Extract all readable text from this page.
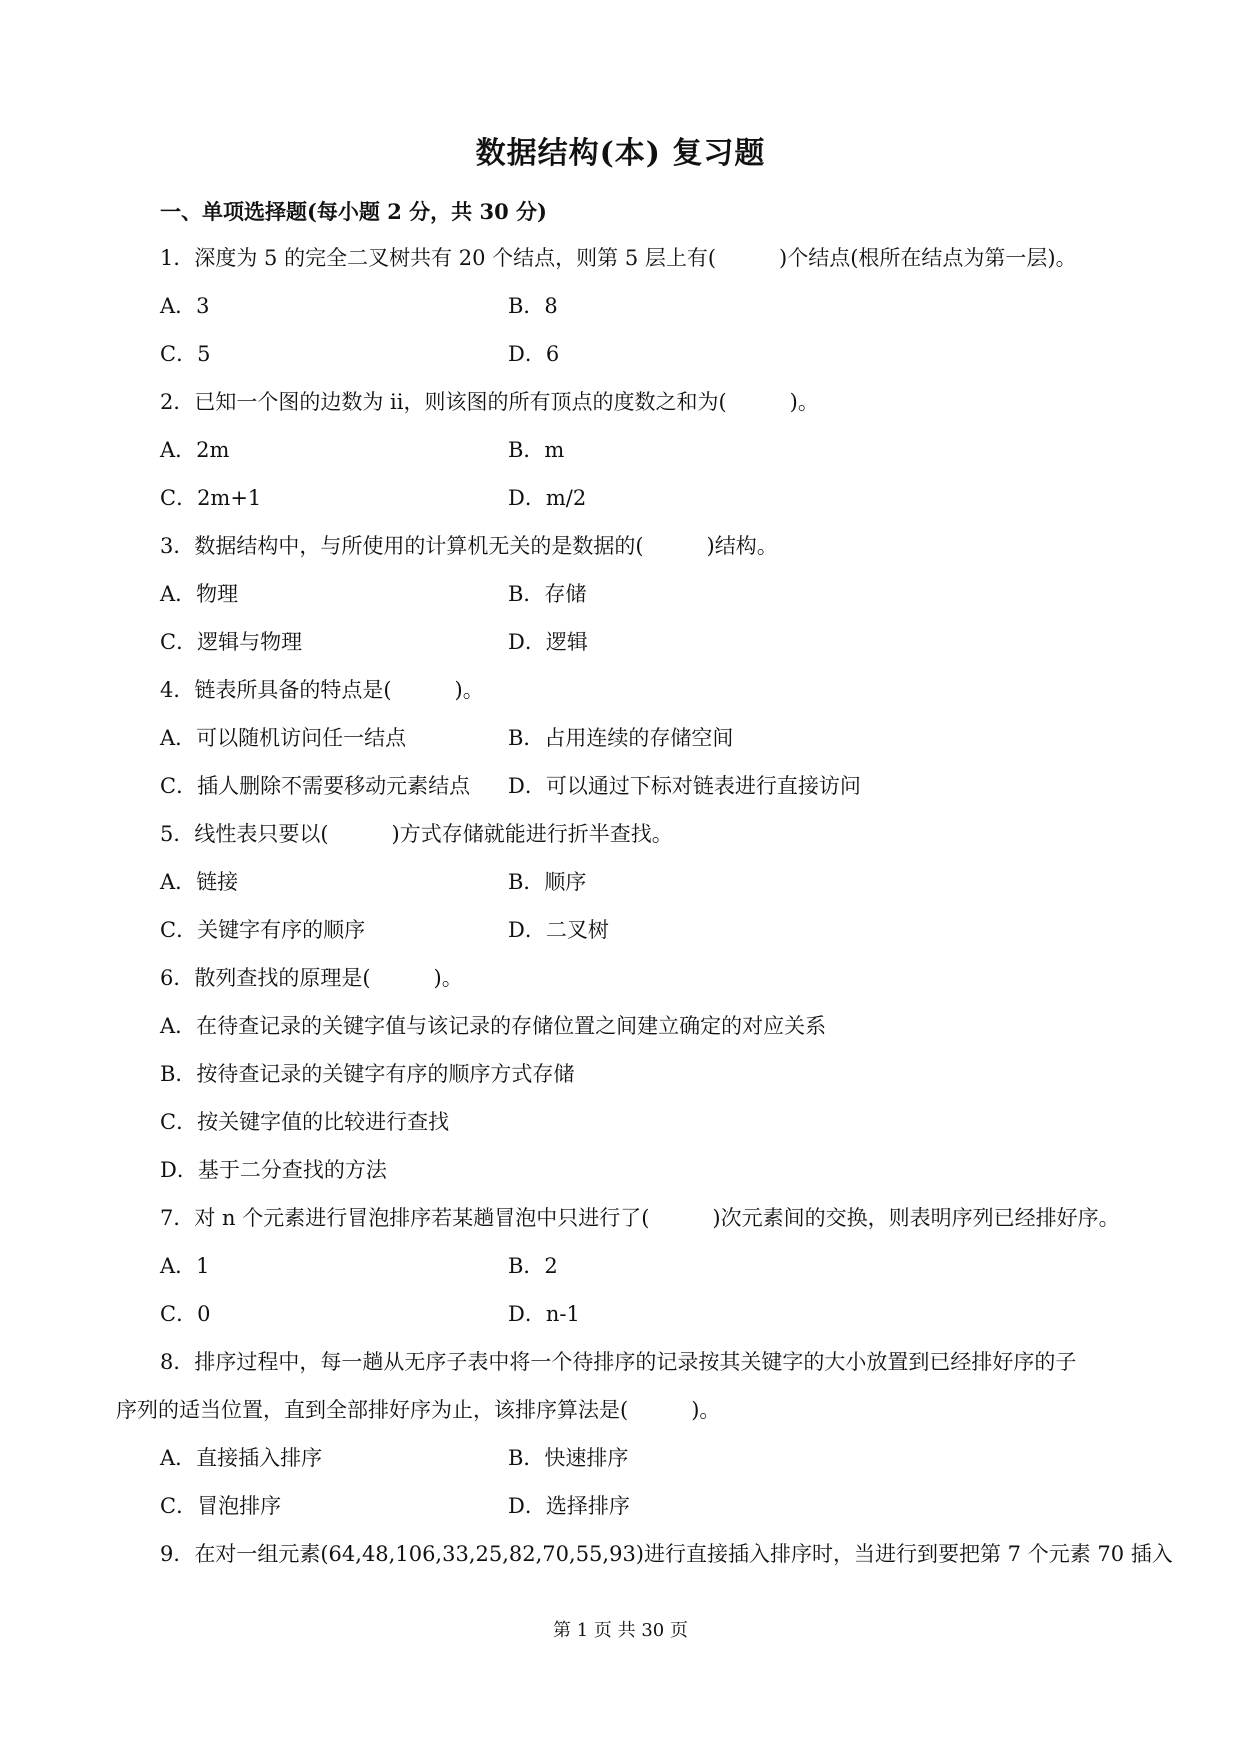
数据结构(本) 复习题
一、单项选择题(每小题 2 分，共 30 分)
1．深度为 5 的完全二叉树共有 20 个结点，则第 5 层上有(　　　)个结点(根所在结点为第一层)。
A．3	B．8
C．5	D．6
2．已知一个图的边数为 ii，则该图的所有顶点的度数之和为(　　　)。
A．2m	B．m
C．2m+1	D．m/2
3．数据结构中，与所使用的计算机无关的是数据的(　　　)结构。
A．物理	B．存储
C．逻辑与物理	D．逻辑
4．链表所具备的特点是(　　　)。
A．可以随机访问任一结点	B．占用连续的存储空间
C．插人删除不需要移动元素结点 D．可以通过下标对链表进行直接访问
5．线性表只要以(　　　)方式存储就能进行折半查找。
A．链接	B．顺序
C．关键字有序的顺序	D．二叉树
6．散列查找的原理是(　　　)。
A．在待查记录的关键字值与该记录的存储位置之间建立确定的对应关系
B．按待查记录的关键字有序的顺序方式存储
C．按关键字值的比较进行查找
D．基于二分查找的方法
7．对 n 个元素进行冒泡排序若某趟冒泡中只进行了(　　　)次元素间的交换，则表明序列已经排好序。
A．1	B．2
C．0	D．n-1
8．排序过程中，每一趟从无序子表中将一个待排序的记录按其关键字的大小放置到已经排好序的子
序列的适当位置，直到全部排好序为止，该排序算法是(　　　)。
A．直接插入排序	B．快速排序
C．冒泡排序	D．选择排序
9．在对一组元素(64,48,106,33,25,82,70,55,93)进行直接插入排序时，当进行到要把第 7 个元素 70 插入
第 1 页 共 30 页
